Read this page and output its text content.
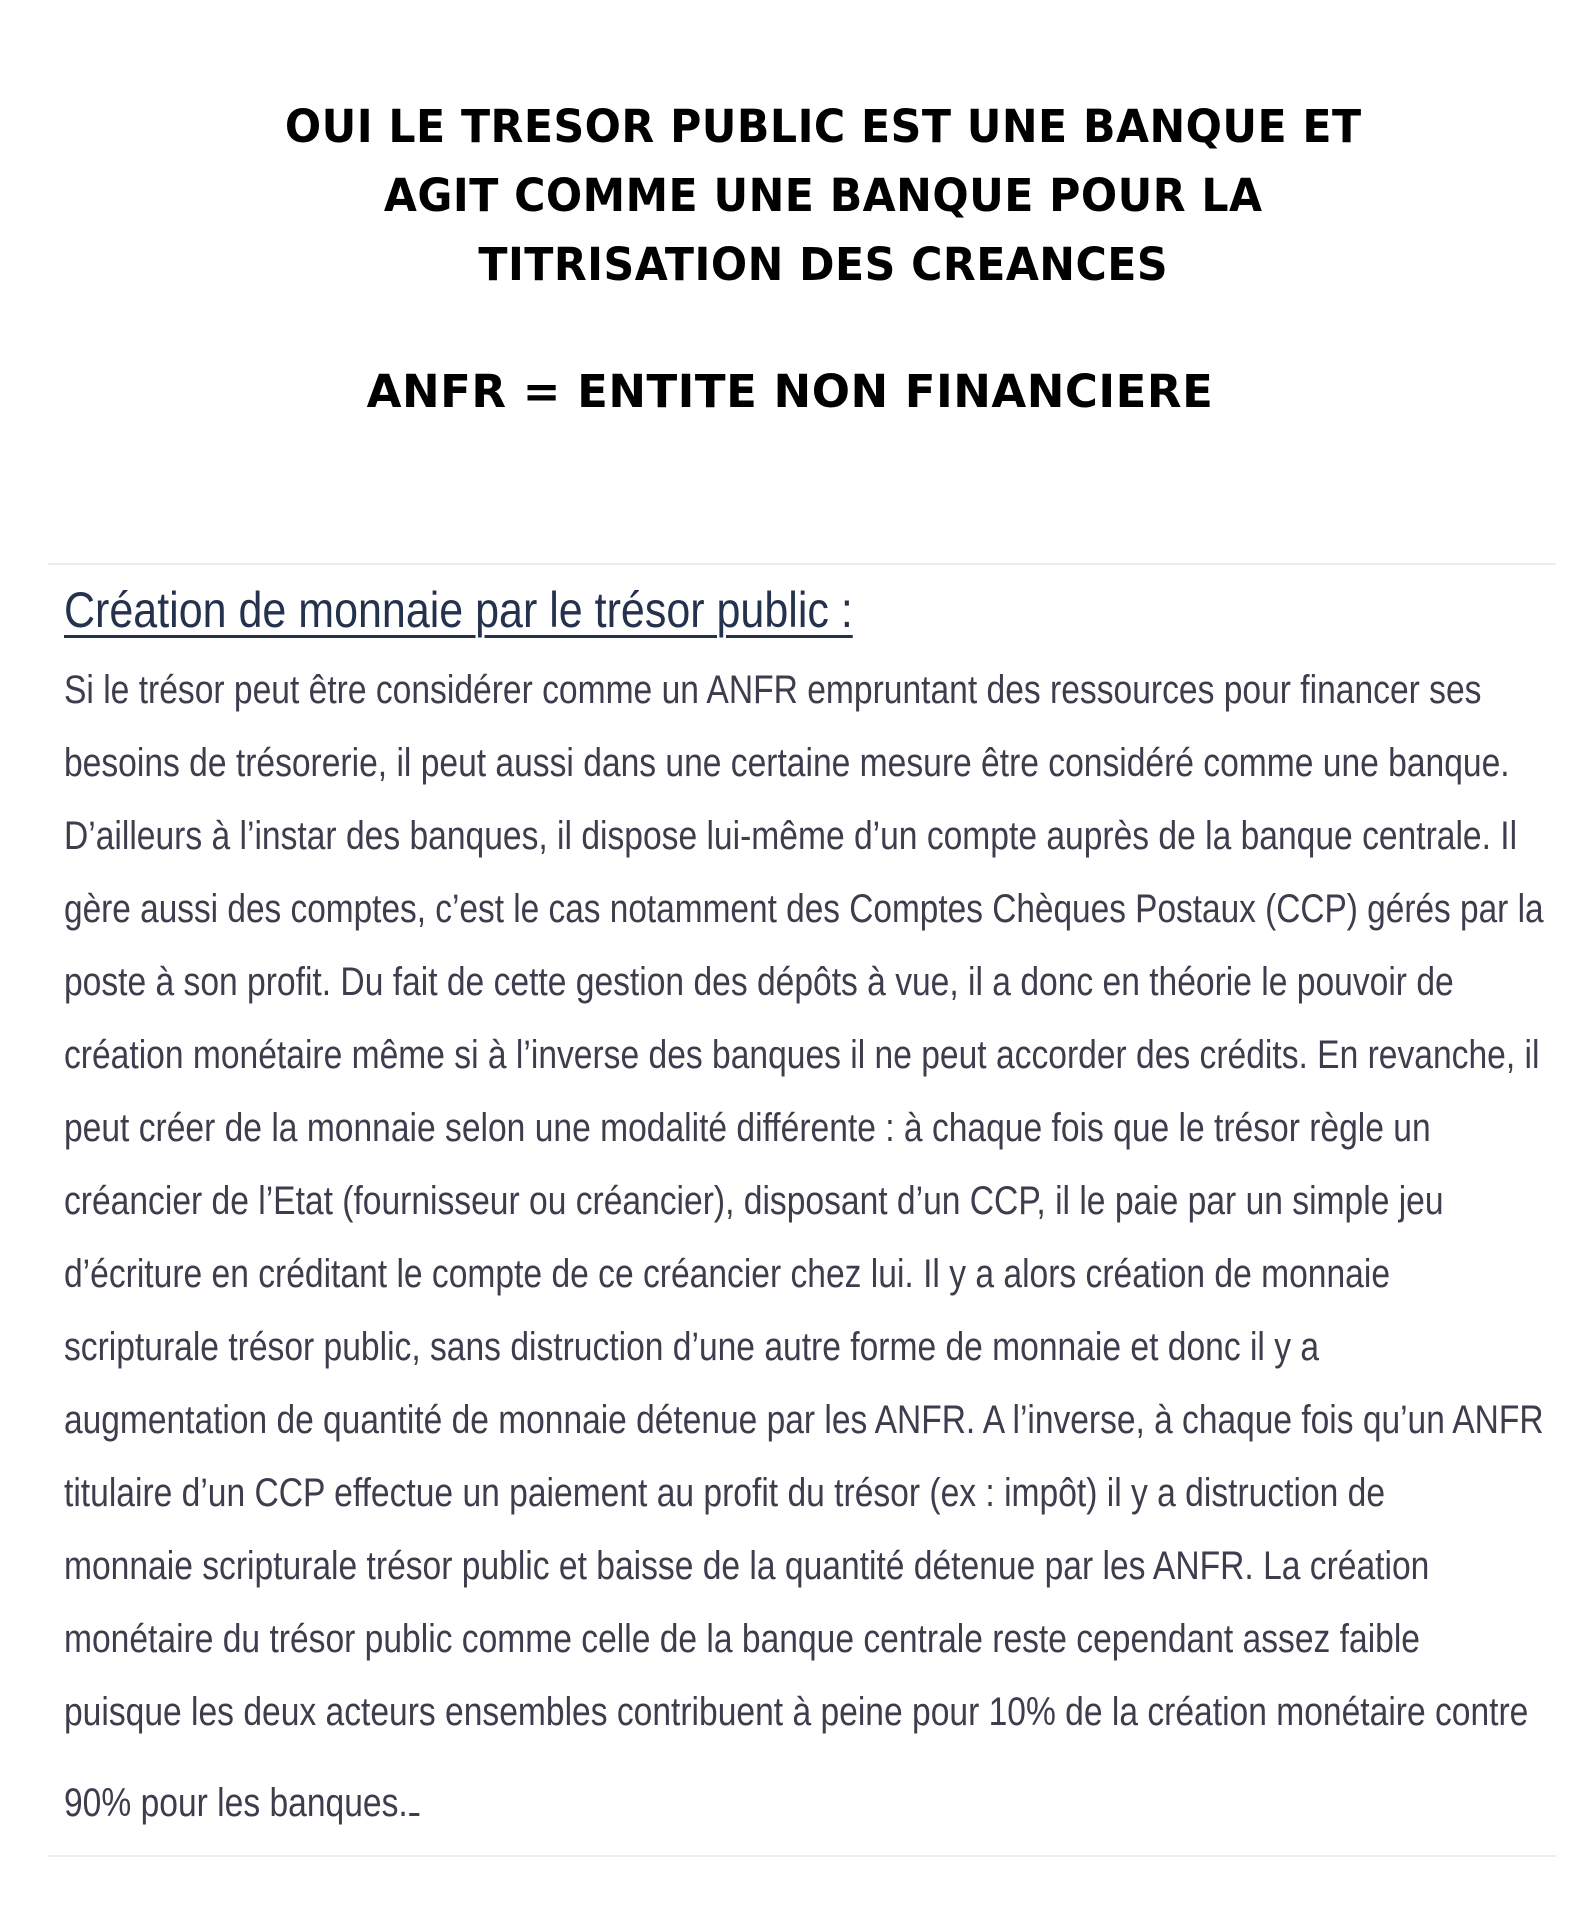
OUI LE TRESOR PUBLIC EST UNE BANQUE ET
AGIT COMME UNE BANQUE POUR LA
TITRISATION DES CREANCES
ANFR = ENTITE NON FINANCIERE
Création de monnaie par le trésor public :
Si le trésor peut être considérer comme un ANFR empruntant des ressources pour financer ses
besoins de trésorerie, il peut aussi dans une certaine mesure être considéré comme une banque.
D’ailleurs à l’instar des banques, il dispose lui-même d’un compte auprès de la banque centrale. Il
gère aussi des comptes, c’est le cas notamment des Comptes Chèques Postaux (CCP) gérés par la
poste à son profit. Du fait de cette gestion des dépôts à vue, il a donc en théorie le pouvoir de
création monétaire même si à l’inverse des banques il ne peut accorder des crédits. En revanche, il
peut créer de la monnaie selon une modalité différente : à chaque fois que le trésor règle un
créancier de l’Etat (fournisseur ou créancier), disposant d’un CCP, il le paie par un simple jeu
d’écriture en créditant le compte de ce créancier chez lui. Il y a alors création de monnaie
scripturale trésor public, sans distruction d’une autre forme de monnaie et donc il y a
augmentation de quantité de monnaie détenue par les ANFR. A l’inverse, à chaque fois qu’un ANFR
titulaire d’un CCP effectue un paiement au profit du trésor (ex : impôt) il y a distruction de
monnaie scripturale trésor public et baisse de la quantité détenue par les ANFR. La création
monétaire du trésor public comme celle de la banque centrale reste cependant assez faible
puisque les deux acteurs ensembles contribuent à peine pour 10% de la création monétaire contre
90% pour les banques.
